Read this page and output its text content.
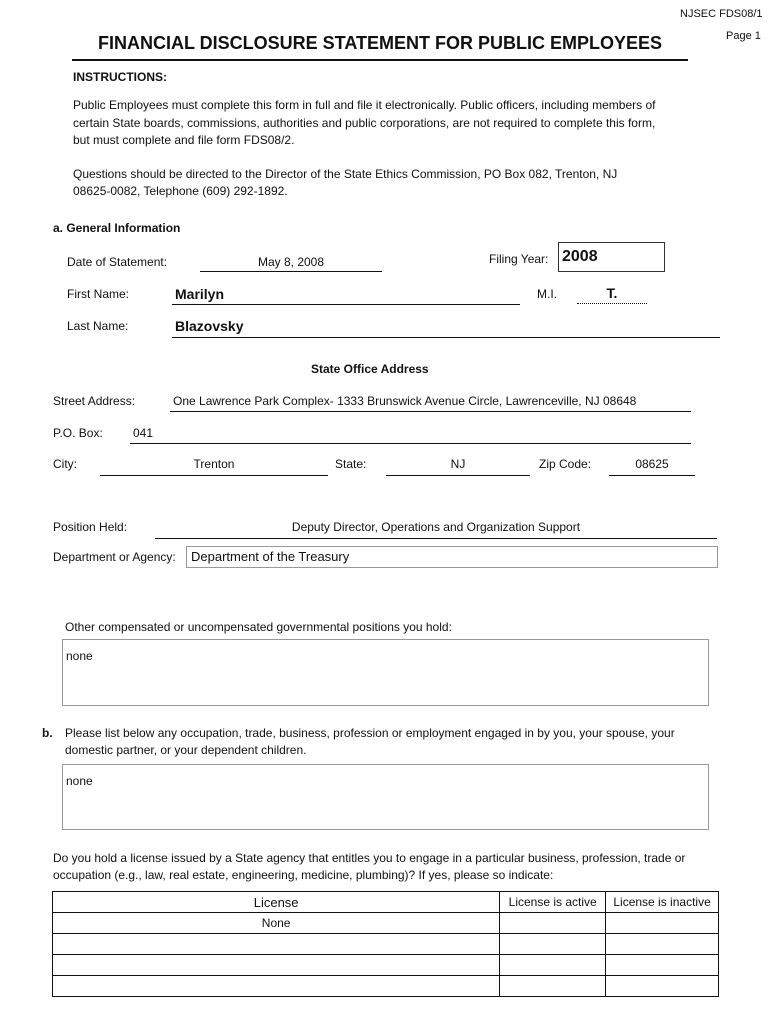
NJSEC FDS08/1
Page 1
FINANCIAL DISCLOSURE STATEMENT FOR PUBLIC EMPLOYEES
INSTRUCTIONS:
Public Employees must complete this form in full and file it electronically. Public officers, including members of
certain State boards, commissions, authorities and public corporations, are not required to complete this form,
but must complete and file form FDS08/2.
Questions should be directed to the Director of the State Ethics Commission, PO Box 082, Trenton, NJ
08625-0082, Telephone (609) 292-1892.
a. General Information
Date of Statement:	May 8, 2008	Filing Year: 2008
First Name:	Marilyn	M.I.	T.
Last Name:	Blazovsky
State Office Address
Street Address:	One Lawrence Park Complex- 1333 Brunswick Avenue Circle, Lawrenceville, NJ 08648
P.O. Box:	041
City:	Trenton	State:	NJ	Zip Code:	08625
Position Held:	Deputy Director, Operations and Organization Support
Department or Agency:	Department of the Treasury
Other compensated or uncompensated governmental positions you hold:
none
b. Please list below any occupation, trade, business, profession or employment engaged in by you, your spouse, your
domestic partner, or your dependent children.
none
Do you hold a license issued by a State agency that entitles you to engage in a particular business, profession, trade or
occupation (e.g., law, real estate, engineering, medicine, plumbing)? If yes, please so indicate:
License	License is active	License is inactive
None		
